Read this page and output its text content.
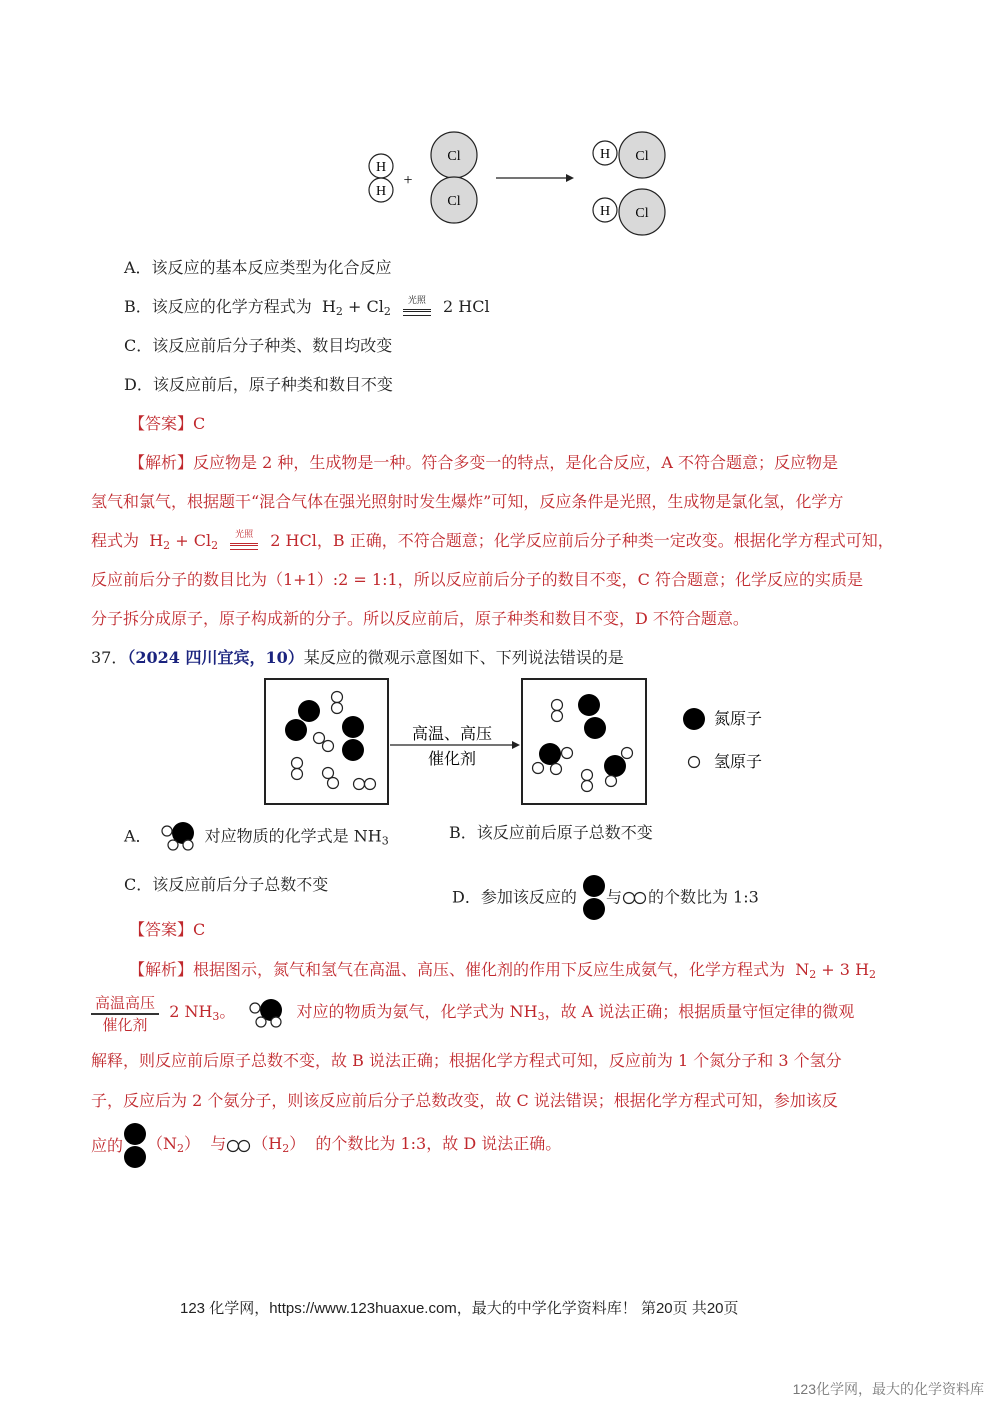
H
H
+
Cl
Cl
Cl
H
Cl
H
A．该反应的基本反应类型为化合反应
B．该反应的化学方程式为  $H_2 + Cl_2$
光照	2 HCl
C．该反应前后分子种类、数目均改变
D．该反应前后，原子种类和数目不变
【答案】C
【解析】反应物是 2 种，生成物是一种。符合多变一的特点，是化合反应，A 不符合题意；反应物是
氢气和氯气，根据题干“混合气体在强光照射时发生爆炸”可知，反应条件是光照，生成物是氯化氢，化学方
程式为  $H_2 + Cl_2$
光照	2 HCl，B 正确，不符合题意；化学反应前后分子种类一定改变。根据化学方程式可知，
反应前后分子的数目比为（1+1）:2 = 1:1，所以反应前后分子的数目不变，C 符合题意；化学反应的实质是
分子拆分成原子，原子构成新的分子。所以反应前后，原子种类和数目不变，D 不符合题意。
37．（2024 四川宜宾，10）某反应的微观示意图如下、下列说法错误的是
高温、高压
催化剂
氮原子
氢原子
A．	对应物质的化学式是 $NH_3$	B．该反应前后原子总数不变
C．该反应前后分子总数不变
D．参加该反应的 与 的个数比为 1:3
【答案】C
【解析】根据图示，氮气和氢气在高温、高压、催化剂的作用下反应生成氨气，化学方程式为  $N_2 + 3$ $H_2$
$\frac{\text{高温高压}}{\text{催化剂}} 2$ $NH_3$。	对应的物质为氨气，化学式为 $NH_3$，故 A 说法正确；根据质量守恒定律的微观
解释，则反应前后原子总数不变，故 B 说法正确；根据化学方程式可知，反应前为 1 个氮分子和 3 个氢分
子，反应后为 2 个氨分子，则该反应前后分子总数改变，故 C 说法错误；根据化学方程式可知，参加该反
应的 $(N_2)$  与 $(H_2)$  的个数比为 1:3，故 D 说法正确。
123 化学网，https://www.123huaxue.com，最大的中学化学资料库！ 第20页 共20页
123化学网，最大的化学资料库
